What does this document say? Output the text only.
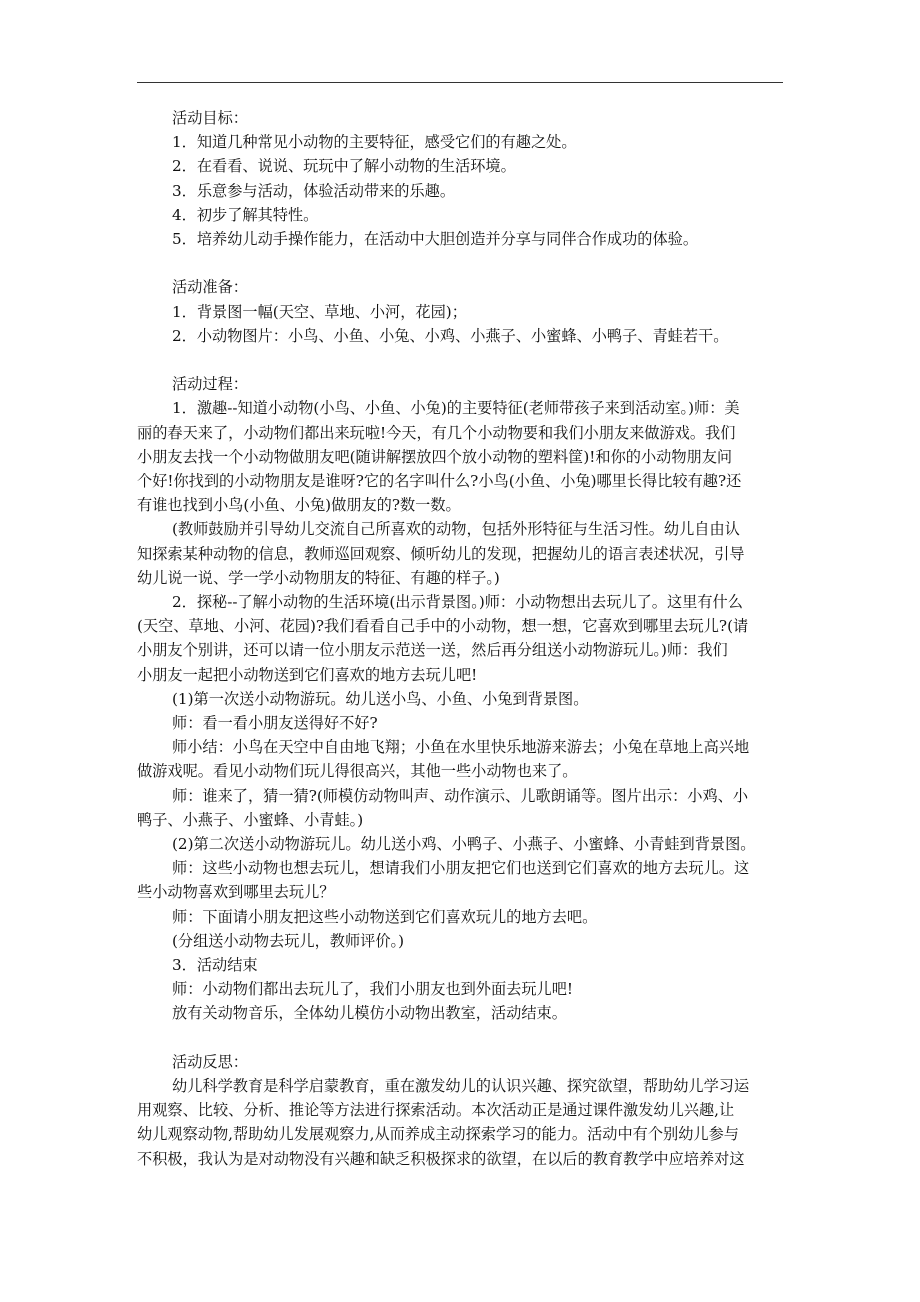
活动目标：
1．知道几种常见小动物的主要特征，感受它们的有趣之处。
2．在看看、说说、玩玩中了解小动物的生活环境。
3．乐意参与活动，体验活动带来的乐趣。
4．初步了解其特性。
5．培养幼儿动手操作能力，在活动中大胆创造并分享与同伴合作成功的体验。
活动准备：
1．背景图一幅(天空、草地、小河，花园)；
2．小动物图片：小鸟、小鱼、小兔、小鸡、小燕子、小蜜蜂、小鸭子、青蛙若干。
活动过程：
1．激趣--知道小动物(小鸟、小鱼、小兔)的主要特征(老师带孩子来到活动室。)师：美
丽的春天来了，小动物们都出来玩啦!今天，有几个小动物要和我们小朋友来做游戏。我们
小朋友去找一个小动物做朋友吧(随讲解摆放四个放小动物的塑料筐)!和你的小动物朋友问
个好!你找到的小动物朋友是谁呀?它的名字叫什么?小鸟(小鱼、小兔)哪里长得比较有趣?还
有谁也找到小鸟(小鱼、小兔)做朋友的?数一数。
(教师鼓励并引导幼儿交流自己所喜欢的动物，包括外形特征与生活习性。幼儿自由认
知探索某种动物的信息，教师巡回观察、倾听幼儿的发现，把握幼儿的语言表述状况，引导
幼儿说一说、学一学小动物朋友的特征、有趣的样子。)
2．探秘--了解小动物的生活环境(出示背景图。)师：小动物想出去玩儿了。这里有什么
(天空、草地、小河、花园)?我们看看自己手中的小动物，想一想，它喜欢到哪里去玩儿?(请
小朋友个别讲，还可以请一位小朋友示范送一送，然后再分组送小动物游玩儿。)师：我们
小朋友一起把小动物送到它们喜欢的地方去玩儿吧!
(1)第一次送小动物游玩。幼儿送小鸟、小鱼、小兔到背景图。
师：看一看小朋友送得好不好?
师小结：小鸟在天空中自由地飞翔；小鱼在水里快乐地游来游去；小兔在草地上高兴地
做游戏呢。看见小动物们玩儿得很高兴，其他一些小动物也来了。
师：谁来了，猜一猜?(师模仿动物叫声、动作演示、儿歌朗诵等。图片出示：小鸡、小
鸭子、小燕子、小蜜蜂、小青蛙。)
(2)第二次送小动物游玩儿。幼儿送小鸡、小鸭子、小燕子、小蜜蜂、小青蛙到背景图。
师：这些小动物也想去玩儿，想请我们小朋友把它们也送到它们喜欢的地方去玩儿。这
些小动物喜欢到哪里去玩儿？
师：下面请小朋友把这些小动物送到它们喜欢玩儿的地方去吧。
(分组送小动物去玩儿，教师评价。)
3．活动结束
师：小动物们都出去玩儿了，我们小朋友也到外面去玩儿吧!
放有关动物音乐，全体幼儿模仿小动物出教室，活动结束。
活动反思：
幼儿科学教育是科学启蒙教育，重在激发幼儿的认识兴趣、探究欲望，帮助幼儿学习运
用观察、比较、分析、推论等方法进行探索活动。本次活动正是通过课件激发幼儿兴趣,让
幼儿观察动物,帮助幼儿发展观察力,从而养成主动探索学习的能力。活动中有个别幼儿参与
不积极，我认为是对动物没有兴趣和缺乏积极探求的欲望，在以后的教育教学中应培养对这
